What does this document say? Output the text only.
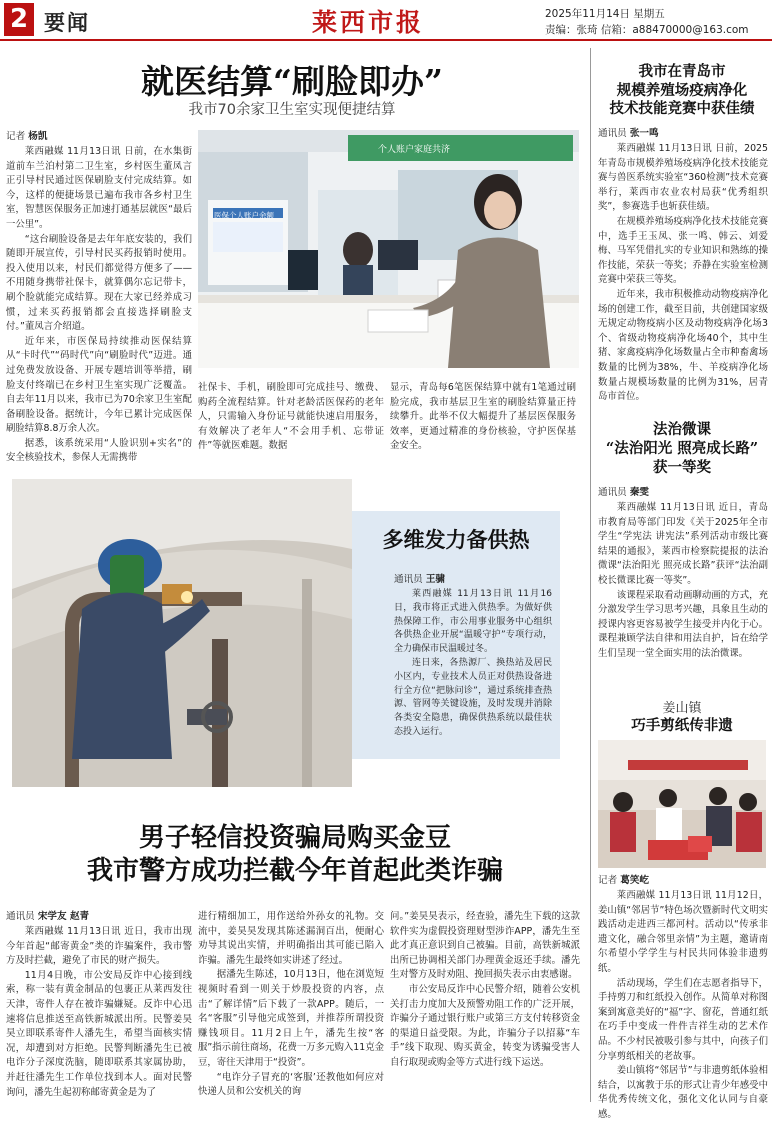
2 要闻	莱西市报	2025年11月14日 星期五
责编：张琦 信箱：a88470000@163.com
就医结算“刷脸即办”
我市70余家卫生室实现便捷结算

记者 杨凯

莱西融媒 11月13日讯 日前，在水集街道前车兰泊村第二卫生室，乡村医生董凤言正引导村民通过医保刷脸支付完成结算。如今，这样的便捷场景已遍布我市各乡村卫生室，智慧医保服务正加速打通基层就医“最后一公里”。

“这台刷脸设备是去年年底安装的，我们随即开展宣传，引导村民买药报销时使用。投入使用以来，村民们都觉得方便多了——不用随身携带社保卡，就算偶尔忘记带卡，刷个脸就能完成结算。现在大家已经养成习惯，过来买药报销都会直接选择刷脸支付。”董凤言介绍道。

近年来，市医保局持续推动医保结算从“卡时代”“码时代”向“刷脸时代”迈进。通过免费发放设备、开展专题培训等举措，刷脸支付终端已在乡村卫生室实现广泛覆盖。自去年11月以来，我市已为70余家卫生室配备刷脸设备。据统计，今年已累计完成医保刷脸结算8.8万余人次。

据悉，该系统采用“人脸识别+实名”的安全核验技术，参保人无需携带

个人账户家庭共济
医保个人账户余额

社保卡、手机，刷脸即可完成挂号、缴费、购药全流程结算。针对老龄活医保药的老年人，只需输入身份证号就能快速启用服务，有效解决了老年人“不会用手机、忘带证件”等就医难题。数据

显示，青岛每6笔医保结算中就有1笔通过刷脸完成，我市基层卫生室的刷脸结算量正持续攀升。此举不仅大幅提升了基层医保服务效率，更通过精准的身份核验，守护医保基金安全。

多维发力备供热

通讯员 王骕

莱西融媒 11月13日讯 11月16日，我市将正式进入供热季。为做好供热保障工作，市公用事业服务中心组织各供热企业开展“温暖守护”专项行动，全力确保市民温暖过冬。

连日来，各热源厂、换热站及居民小区内，专业技术人员正对供热设备进行全方位“把脉问诊”，通过系统排查热源、管网等关键设施，及时发现并消除各类安全隐患，确保供热系统以最佳状态投入运行。

男子轻信投资骗局购买金豆
我市警方成功拦截今年首起此类诈骗

通讯员 宋学友 赵青

莱西融媒 11月13日讯 近日，我市出现今年首起“邮寄黄金”类的诈骗案件，我市警方及时拦截，避免了市民的财产损失。

11月4日晚，市公安局反诈中心接到线索，称一装有黄金制品的包裹正从莱西发往天津，寄件人存在被诈骗嫌疑。反诈中心迅速将信息推送至高铁新城派出所。民警姜昊昊立即联系寄件人潘先生，希望当面核实情况，却遭到对方拒绝。民警判断潘先生已被电诈分子深度洗脑，随即联系其家属协助，并赶往潘先生工作单位找到本人。面对民警询问，潘先生起初称邮寄黄金是为了

进行精细加工，用作送给外孙女的礼物。交流中，姜昊昊发现其陈述漏洞百出，便耐心劝导其说出实情，并明确指出其可能已陷入诈骗。潘先生最终如实讲述了经过。

据潘先生陈述，10月13日，他在浏览短视频时看到一则关于炒股投资的内容，点击“了解详情”后下载了一款APP。随后，一名“客服”引导他完成签到，并推荐所谓投资赚钱项目。11月2日上午，潘先生按“客服”指示前往商场，花费一万多元购入11克金豆，寄往天津用于“投资”。

“电诈分子冒充的‘客服’还教他如何应对快递人员和公安机关的询

问。”姜昊昊表示，经查验，潘先生下载的这款软件实为虚假投资理财型涉诈APP，潘先生至此才真正意识到自己被骗。目前，高铁新城派出所已协调相关部门办理黄金返还手续。潘先生对警方及时劝阻、挽回损失表示由衷感谢。

市公安局反诈中心民警介绍，随着公安机关打击力度加大及预警劝阻工作的广泛开展，诈骗分子通过银行账户或第三方支付转移资金的渠道日益受限。为此，诈骗分子以招募“车手”线下取现、购买黄金，转变为诱骗受害人自行取现或购金等方式进行线下运送。

我市在青岛市
规模养殖场疫病净化
技术技能竞赛中获佳绩

通讯员 张一鸣

莱西融媒 11月13日讯 日前，2025年青岛市规模养殖场疫病净化技术技能竞赛与兽医系统实验室“360检测”技术竞赛举行，莱西市农业农村局获“优秀组织奖”，参赛选手也斩获佳绩。

在规模养殖场疫病净化技术技能竞赛中，选手王玉凤、张一鸣、韩云、刘爱梅、马军凭借扎实的专业知识和熟练的操作技能，荣获一等奖；乔静在实验室检测竞赛中荣获三等奖。

近年来，我市积极推动动物疫病净化场的创建工作，截至目前，共创建国家级无规定动物疫病小区及动物疫病净化场3个、省级动物疫病净化场40个，其中生猪、家禽疫病净化场数量占全市种畜禽场数量的比例为38%，牛、羊疫病净化场数量占规模场数量的比例为31%，居青岛市首位。

法治微课
“法治阳光 照亮成长路”
获一等奖

通讯员 秦雯

莱西融媒 11月13日讯 近日，青岛市教育局等部门印发《关于2025年全市学生“学宪法 讲宪法”系列活动市级比赛结果的通报》，莱西市检察院提报的法治微课“法治阳光 照亮成长路”获评“法治副校长微课比赛一等奖”。

该课程采取看动画聊动画的方式，充分激发学生学习思考兴趣，具象且生动的授课内容更容易被学生接受并内化于心。课程兼顾学法自律和用法自护，旨在给学生们呈现一堂全面实用的法治微课。

姜山镇
巧手剪纸传非遗

记者 葛笑屹

莱西融媒 11月13日讯 11月12日，姜山镇“邻居节”特色场次暨新时代文明实践活动走进西三都河村。活动以“传承非遗文化，融合邻里亲情”为主题，邀请南尔希望小学学生与村民共同体验非遗剪纸。

活动现场，学生们在志愿者指导下，手持剪刀和红纸投入创作。从简单对称图案到寓意美好的“福”字、窗花，普通红纸在巧手中变成一件件吉祥生动的艺术作品。不少村民被吸引参与其中，向孩子们分享剪纸相关的老故事。

姜山镇将“邻居节”与非遗剪纸体验相结合，以寓教于乐的形式让青少年感受中华优秀传统文化，强化文化认同与自豪感。
